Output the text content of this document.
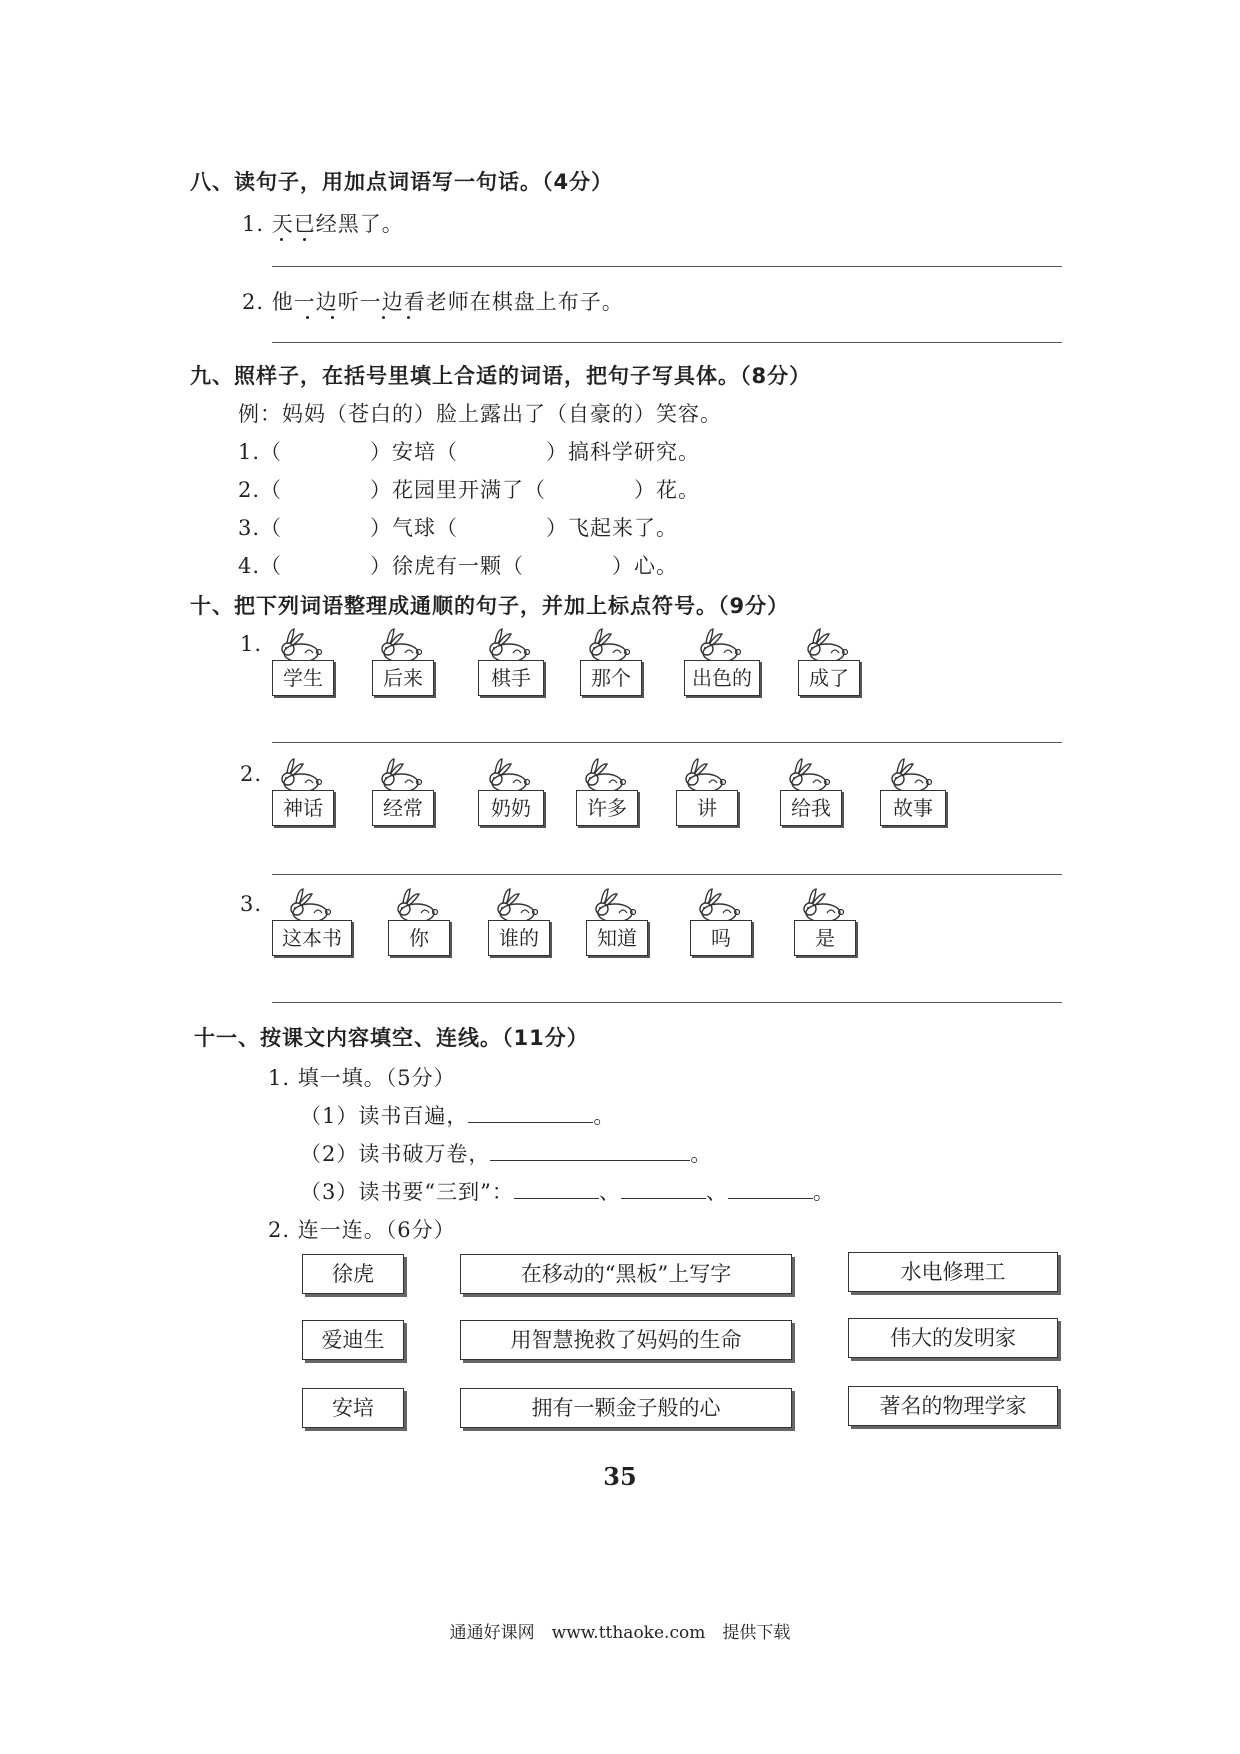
八、读句子，用加点词语写一句话。（4分）
1. 天已经黑了。
2. 他一边听一边看老师在棋盘上布子。
九、照样子，在括号里填上合适的词语，把句子写具体。（8分）
例：妈妈（苍白的）脸上露出了（自豪的）笑容。
1.（　　　　）安培（　　　　）搞科学研究。
2.（　　　　）花园里开满了（　　　　）花。
3.（　　　　）气球（　　　　）飞起来了。
4.（　　　　）徐虎有一颗（　　　　）心。
十、把下列词语整理成通顺的句子，并加上标点符号。（9分）
1.
学生	后来	棋手	那个	出色的	成了
2.
神话	经常	奶奶	许多	讲	给我	故事
3.
这本书	你	谁的	知道	吗	是
十一、按课文内容填空、连线。（11分）
1. 填一填。（5分）
（1）读书百遍，	。
（2）读书破万卷，	。
（3）读书要“三到”：	、	、	。
2. 连一连。（6分）
徐虎
爱迪生
安培
在移动的“黑板”上写字
用智慧挽救了妈妈的生命
拥有一颗金子般的心
水电修理工
伟大的发明家
著名的物理学家
35
通通好课网　www.tthaoke.com　提供下载
